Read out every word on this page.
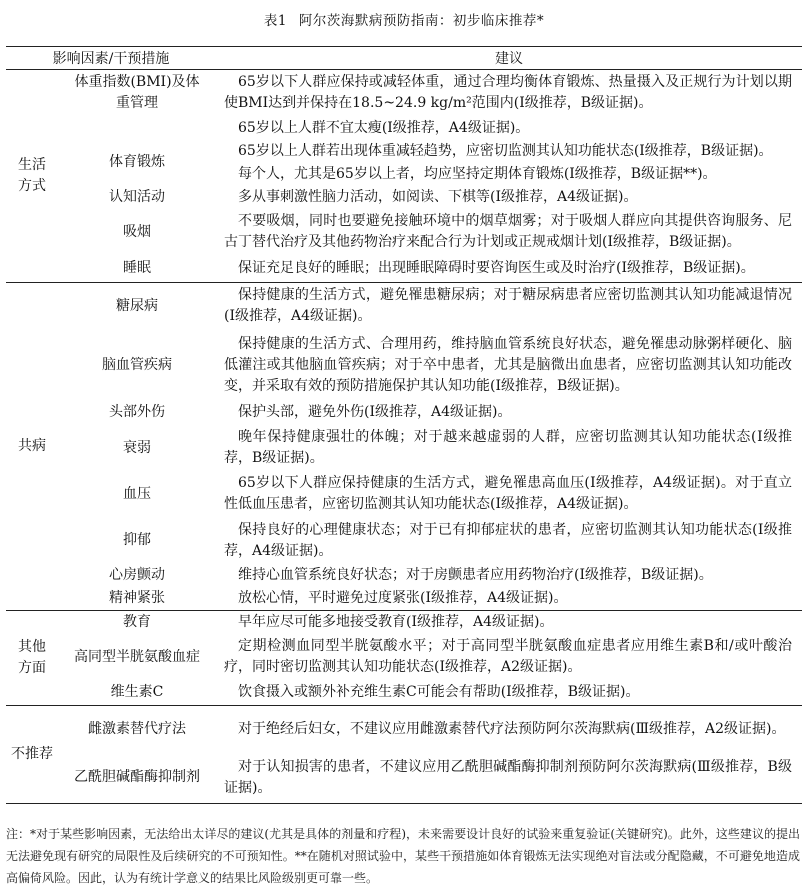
表1 阿尔茨海默病预防指南：初步临床推荐*
影响因素/干预措施		建议
生活方式	体重指数(BMI)及体重管理	65岁以下人群应保持或减轻体重，通过合理均衡体育锻炼、热量摄入及正规行为计划以期使BMI达到并保持在18.5~24.9 kg/m²范围内(Ⅰ级推荐，B级证据)。
		65岁以上人群不宜太瘦(Ⅰ级推荐，A4级证据)。
	体育锻炼	65岁以上人群若出现体重减轻趋势，应密切监测其认知功能状态(Ⅰ级推荐，B级证据)。
		每个人，尤其是65岁以上者，均应坚持定期体育锻炼(Ⅰ级推荐，B级证据**)。
	认知活动	多从事刺激性脑力活动，如阅读、下棋等(Ⅰ级推荐，A4级证据)。
	吸烟	不要吸烟，同时也要避免接触环境中的烟草烟雾；对于吸烟人群应向其提供咨询服务、尼古丁替代治疗及其他药物治疗来配合行为计划或正规戒烟计划(Ⅰ级推荐，B级证据)。
	睡眠	保证充足良好的睡眠；出现睡眠障碍时要咨询医生或及时治疗(Ⅰ级推荐，B级证据)。

共病	糖尿病	保持健康的生活方式，避免罹患糖尿病；对于糖尿病患者应密切监测其认知功能减退情况(Ⅰ级推荐，A4级证据)。
	脑血管疾病	保持健康的生活方式、合理用药，维持脑血管系统良好状态，避免罹患动脉粥样硬化、脑低灌注或其他脑血管疾病；对于卒中患者，尤其是脑微出血患者，应密切监测其认知功能改变，并采取有效的预防措施保护其认知功能(Ⅰ级推荐，B级证据)。
	头部外伤	保护头部，避免外伤(Ⅰ级推荐，A4级证据)。
	衰弱	晚年保持健康强壮的体魄；对于越来越虚弱的人群，应密切监测其认知功能状态(Ⅰ级推荐，B级证据)。
	血压	65岁以下人群应保持健康的生活方式，避免罹患高血压(Ⅰ级推荐，A4级证据)。对于直立性低血压患者，应密切监测其认知功能状态(Ⅰ级推荐，A4级证据)。
	抑郁	保持良好的心理健康状态；对于已有抑郁症状的患者，应密切监测其认知功能状态(Ⅰ级推荐，A4级证据)。
	心房颤动	维持心血管系统良好状态；对于房颤患者应用药物治疗(Ⅰ级推荐，B级证据)。
	精神紧张	放松心情，平时避免过度紧张(Ⅰ级推荐，A4级证据)。
其他方面	教育	早年应尽可能多地接受教育(Ⅰ级推荐，A4级证据)。
	高同型半胱氨酸血症	定期检测血同型半胱氨酸水平；对于高同型半胱氨酸血症患者应用维生素B和/或叶酸治疗，同时密切监测其认知功能状态(Ⅰ级推荐，A2级证据)。
	维生素C	饮食摄入或额外补充维生素C可能会有帮助(Ⅰ级推荐，B级证据)。
不推荐	雌激素替代疗法	对于绝经后妇女，不建议应用雌激素替代疗法预防阿尔茨海默病(Ⅲ级推荐，A2级证据)。
	乙酰胆碱酯酶抑制剂	对于认知损害的患者，不建议应用乙酰胆碱酯酶抑制剂预防阿尔茨海默病(Ⅲ级推荐，B级证据)。
注：*对于某些影响因素，无法给出太详尽的建议(尤其是具体的剂量和疗程)，未来需要设计良好的试验来重复验证(关键研究)。此外，这些建议的提出无法避免现有研究的局限性及后续研究的不可预知性。**在随机对照试验中，某些干预措施如体育锻炼无法实现绝对盲法或分配隐藏，不可避免地造成高偏倚风险。因此，认为有统计学意义的结果比风险级别更可靠一些。
